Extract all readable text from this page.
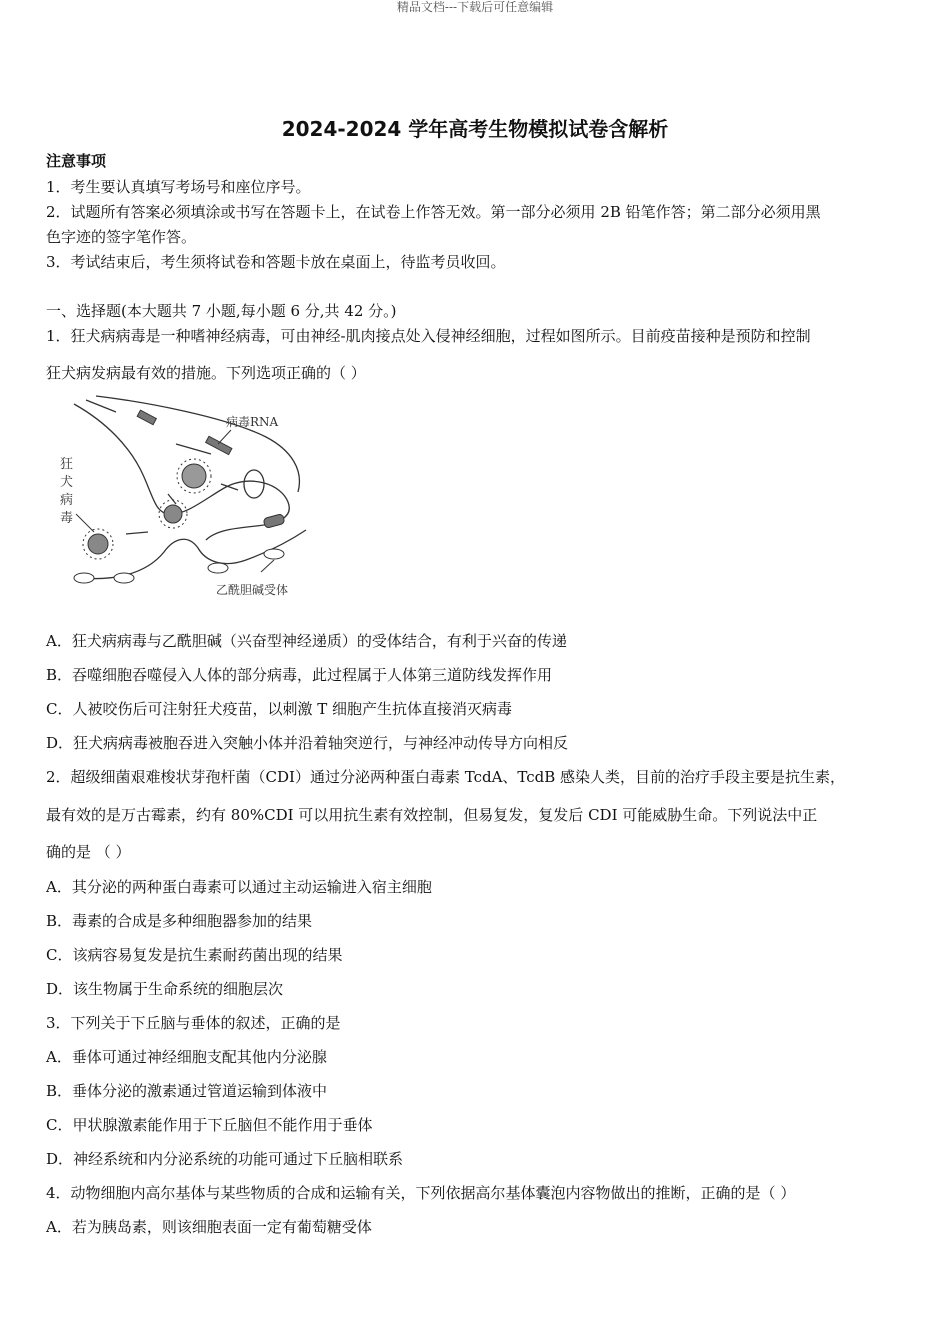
精品文档---下载后可任意编辑
2024-2024 学年高考生物模拟试卷含解析
注意事项
1．考生要认真填写考场号和座位序号。
2．试题所有答案必须填涂或书写在答题卡上，在试卷上作答无效。第一部分必须用 2B 铅笔作答；第二部分必须用黑
色字迹的签字笔作答。
3．考试结束后，考生须将试卷和答题卡放在桌面上，待监考员收回。
一、选择题(本大题共 7 小题,每小题 6 分,共 42 分。)
1．狂犬病病毒是一种嗜神经病毒，可由神经-肌肉接点处入侵神经细胞，过程如图所示。目前疫苗接种是预防和控制
狂犬病发病最有效的措施。下列选项正确的（ ）
病毒RNA
狂
犬
病
毒
乙酰胆碱受体
A．狂犬病病毒与乙酰胆碱（兴奋型神经递质）的受体结合，有利于兴奋的传递
B．吞噬细胞吞噬侵入人体的部分病毒，此过程属于人体第三道防线发挥作用
C．人被咬伤后可注射狂犬疫苗，以刺激 T 细胞产生抗体直接消灭病毒
D．狂犬病病毒被胞吞进入突触小体并沿着轴突逆行，与神经冲动传导方向相反
2．超级细菌艰难梭状芽孢杆菌（CDI）通过分泌两种蛋白毒素 TcdA、TcdB 感染人类，目前的治疗手段主要是抗生素，
最有效的是万古霉素，约有 80%CDI 可以用抗生素有效控制，但易复发，复发后 CDI 可能威胁生命。下列说法中正
确的是 （ ）
A．其分泌的两种蛋白毒素可以通过主动运输进入宿主细胞
B．毒素的合成是多种细胞器参加的结果
C．该病容易复发是抗生素耐药菌出现的结果
D．该生物属于生命系统的细胞层次
3．下列关于下丘脑与垂体的叙述，正确的是
A．垂体可通过神经细胞支配其他内分泌腺
B．垂体分泌的激素通过管道运输到体液中
C．甲状腺激素能作用于下丘脑但不能作用于垂体
D．神经系统和内分泌系统的功能可通过下丘脑相联系
4．动物细胞内高尔基体与某些物质的合成和运输有关，下列依据高尔基体囊泡内容物做出的推断，正确的是（ ）
A．若为胰岛素，则该细胞表面一定有葡萄糖受体
